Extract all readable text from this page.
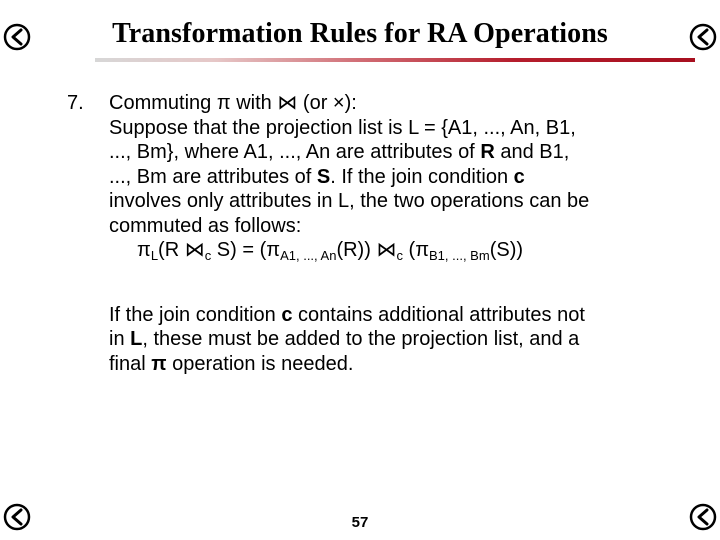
Transformation Rules for RA Operations
7. Commuting π with ⋈ (or ×):
Suppose that the projection list is L = {A1, ..., An, B1,
..., Bm}, where A1, ..., An are attributes of R and B1,
..., Bm are attributes of S. If the join condition c
involves only attributes in L, the two operations can be
commuted as follows:
$\pi_L(R$ $⋈_c$ $S) = (\pi_{A1, ..., An}(R))$ $⋈_c$ $(\pi_{B1, ..., Bm}(S))$
If the join condition c contains additional attributes not
in L, these must be added to the projection list, and a
final π operation is needed.
57
